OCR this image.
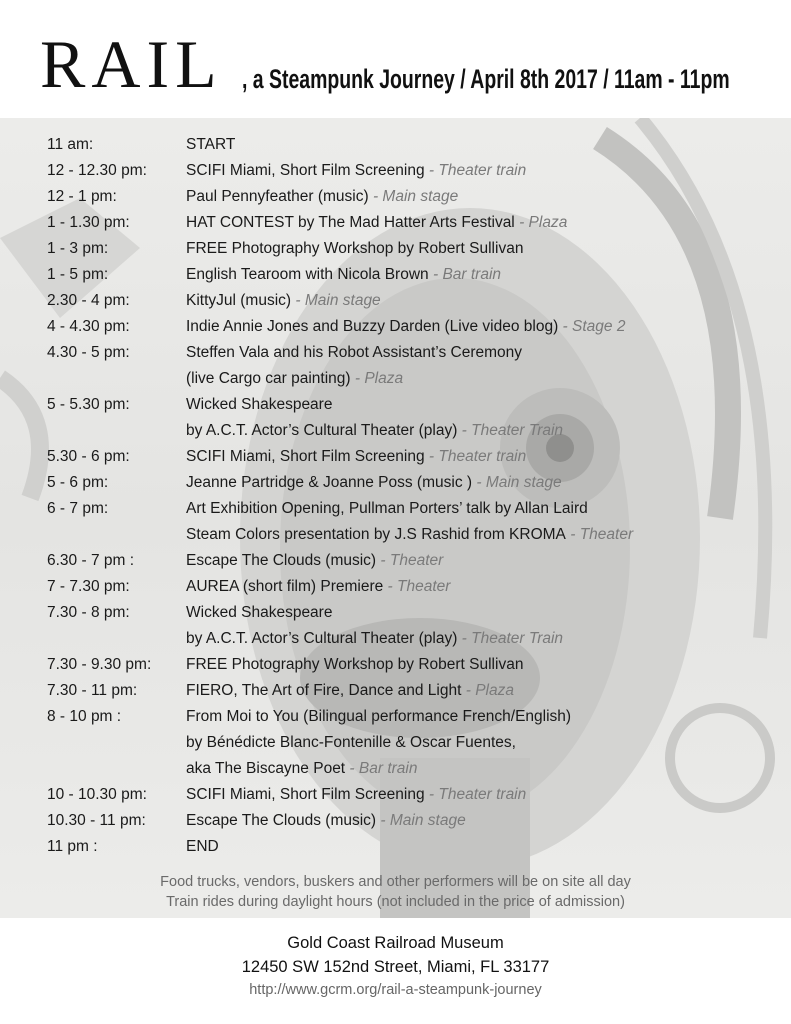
RAIL , a Steampunk Journey / April 8th 2017 / 11am - 11pm
11 am:	START
12 - 12.30 pm:	SCIFI Miami, Short Film Screening - Theater train
12 - 1 pm:	Paul Pennyfeather (music) - Main stage
1 - 1.30 pm:	HAT CONTEST by The Mad Hatter Arts Festival - Plaza
1 - 3 pm:	FREE Photography Workshop by Robert Sullivan
1 - 5 pm:	English Tearoom with Nicola Brown - Bar train
2.30 - 4 pm:	KittyJul (music) - Main stage
4 - 4.30 pm:	Indie Annie Jones and Buzzy Darden (Live video blog) - Stage 2
4.30 - 5 pm:	Steffen Vala and his Robot Assistant’s Ceremony
(live Cargo car painting) - Plaza
5 - 5.30 pm:	Wicked Shakespeare
by A.C.T. Actor’s Cultural Theater (play) - Theater Train
5.30 - 6 pm:	SCIFI Miami, Short Film Screening - Theater train
5 - 6 pm:	Jeanne Partridge & Joanne Poss (music ) - Main stage
6 - 7 pm:	Art Exhibition Opening, Pullman Porters’ talk by Allan Laird
Steam Colors presentation by J.S Rashid from KROMA - Theater
6.30 - 7 pm :	Escape The Clouds (music) - Theater
7 - 7.30 pm:	AUREA (short film) Premiere - Theater
7.30 - 8 pm:	Wicked Shakespeare
by A.C.T. Actor’s Cultural Theater (play) - Theater Train
7.30 - 9.30 pm: FREE Photography Workshop by Robert Sullivan
7.30 - 11 pm:	FIERO, The Art of Fire, Dance and Light - Plaza
8 - 10 pm :	From Moi to You (Bilingual performance French/English)
by Bénédicte Blanc-Fontenille & Oscar Fuentes,
aka The Biscayne Poet - Bar train
10 - 10.30 pm:	SCIFI Miami, Short Film Screening - Theater train
10.30 - 11 pm:	Escape The Clouds (music) - Main stage
11 pm :	END
Food trucks, vendors, buskers and other performers will be on site all day
Train rides during daylight hours (not included in the price of admission)
Gold Coast Railroad Museum
12450 SW 152nd Street, Miami, FL 33177
http://www.gcrm.org/rail-a-steampunk-journey
